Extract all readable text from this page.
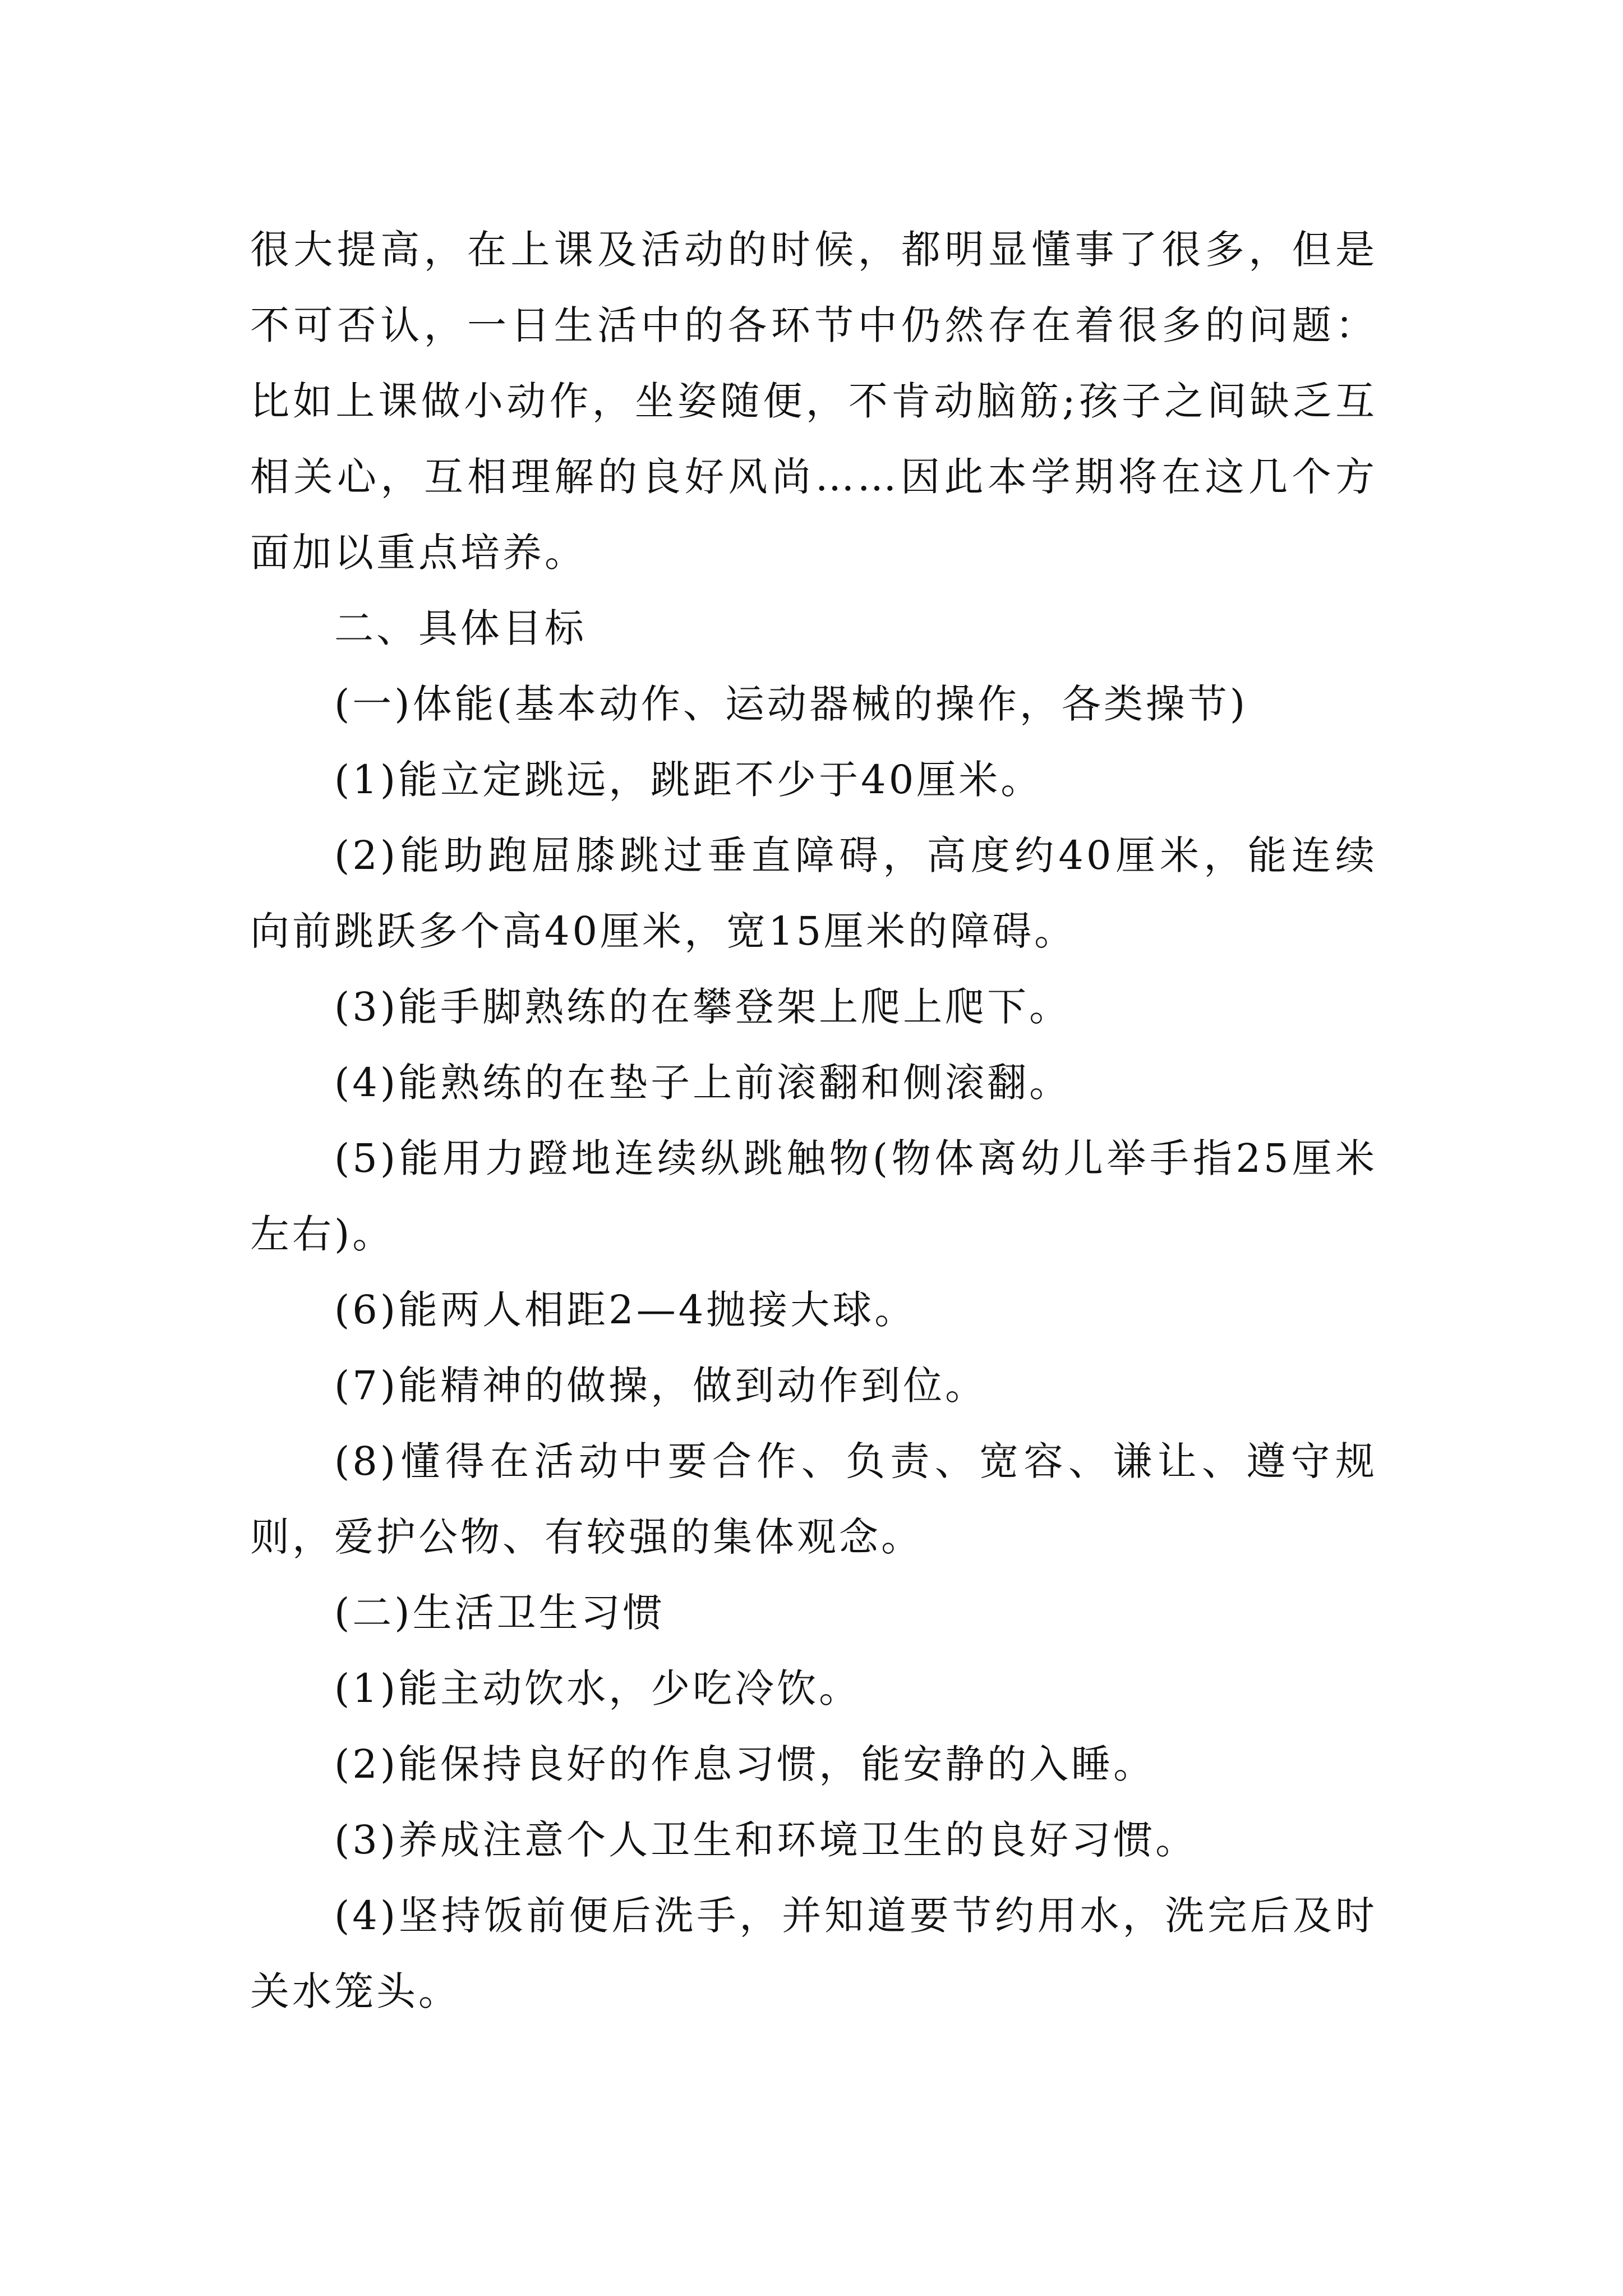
很大提高，在上课及活动的时候，都明显懂事了很多，但是不可否认，一日生活中的各环节中仍然存在着很多的问题：比如上课做小动作，坐姿随便，不肯动脑筋;孩子之间缺乏互相关心，互相理解的良好风尚……因此本学期将在这几个方面加以重点培养。

二、具体目标

(一)体能(基本动作、运动器械的操作，各类操节)

(1)能立定跳远，跳距不少于40厘米。

(2)能助跑屈膝跳过垂直障碍，高度约40厘米，能连续向前跳跃多个高40厘米，宽15厘米的障碍。

(3)能手脚熟练的在攀登架上爬上爬下。

(4)能熟练的在垫子上前滚翻和侧滚翻。

(5)能用力蹬地连续纵跳触物(物体离幼儿举手指25厘米左右)。

(6)能两人相距2—4抛接大球。

(7)能精神的做操，做到动作到位。

(8)懂得在活动中要合作、负责、宽容、谦让、遵守规则，爱护公物、有较强的集体观念。

(二)生活卫生习惯

(1)能主动饮水，少吃冷饮。

(2)能保持良好的作息习惯，能安静的入睡。

(3)养成注意个人卫生和环境卫生的良好习惯。

(4)坚持饭前便后洗手，并知道要节约用水，洗完后及时关水笼头。
